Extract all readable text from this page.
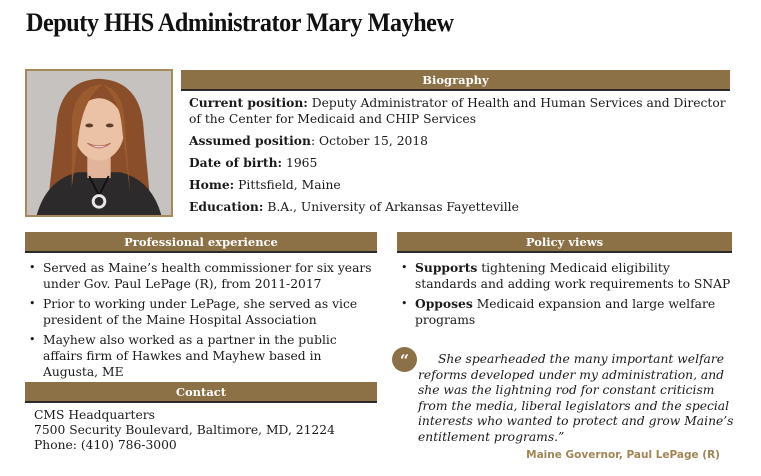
Deputy HHS Administrator Mary Mayhew
Biography
Current position: Deputy Administrator of Health and Human Services and Director of the Center for Medicaid and CHIP Services
Assumed position: October 15, 2018
Date of birth: 1965
Home: Pittsfield, Maine
Education: B.A., University of Arkansas Fayetteville
Professional experience
• Served as Maine’s health commissioner for six years under Gov. Paul LePage (R), from 2011-2017
• Prior to working under LePage, she served as vice president of the Maine Hospital Association
• Mayhew also worked as a partner in the public affairs firm of Hawkes and Mayhew based in Augusta, ME
Policy views
• Supports tightening Medicaid eligibility standards and adding work requirements to SNAP
• Opposes Medicaid expansion and large welfare programs
Contact
CMS Headquarters
7500 Security Boulevard, Baltimore, MD, 21224
Phone: (410) 786-3000
“	She spearheaded the many important welfare reforms developed under my administration, and she was the lightning rod for constant criticism from the media, liberal legislators and the special interests who wanted to protect and grow Maine’s entitlement programs.”

Maine Governor, Paul LePage (R)
